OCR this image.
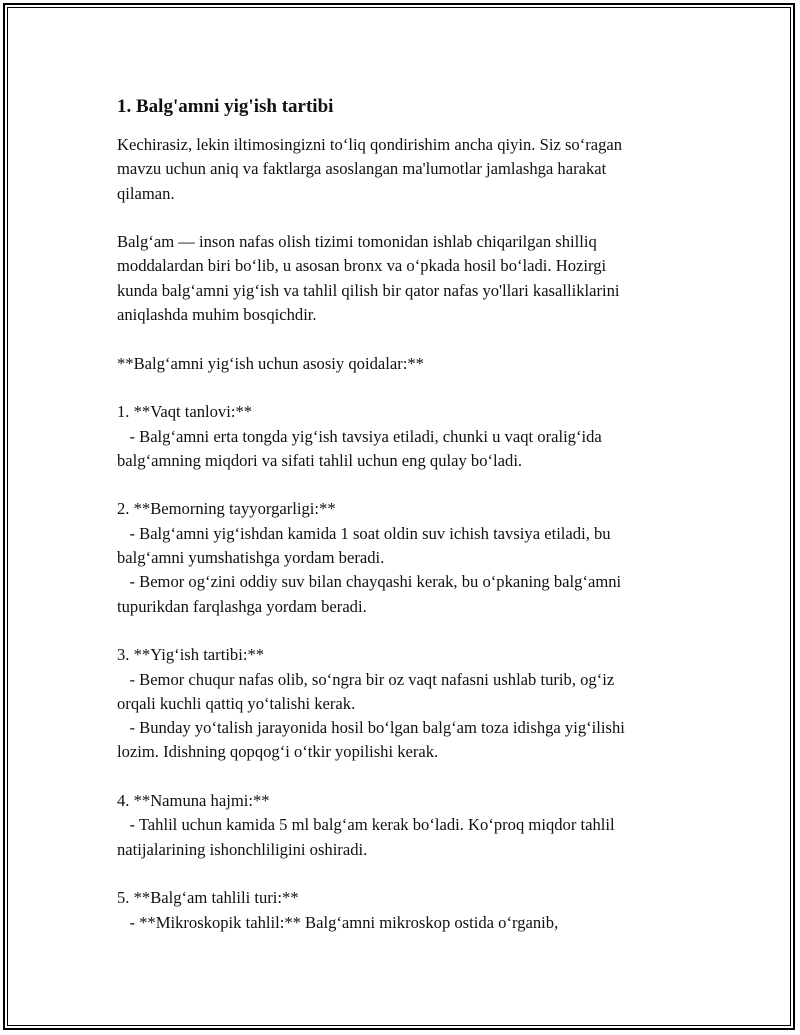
1. Balg'amni yig'ish tartibi
Kechirasiz, lekin iltimosingizni to‘liq qondirishim ancha qiyin. Siz so‘ragan
mavzu uchun aniq va faktlarga asoslangan ma'lumotlar jamlashga harakat
qilaman.
Balg‘am — inson nafas olish tizimi tomonidan ishlab chiqarilgan shilliq
moddalardan biri bo‘lib, u asosan bronx va o‘pkada hosil bo‘ladi. Hozirgi
kunda balg‘amni yig‘ish va tahlil qilish bir qator nafas yo'llari kasalliklarini
aniqlashda muhim bosqichdir.
**Balg‘amni yig‘ish uchun asosiy qoidalar:**
1. **Vaqt tanlovi:**
- Balg‘amni erta tongda yig‘ish tavsiya etiladi, chunki u vaqt oralig‘ida
balg‘amning miqdori va sifati tahlil uchun eng qulay bo‘ladi.
2. **Bemorning tayyorgarligi:**
- Balg‘amni yig‘ishdan kamida 1 soat oldin suv ichish tavsiya etiladi, bu
balg‘amni yumshatishga yordam beradi.
- Bemor og‘zini oddiy suv bilan chayqashi kerak, bu o‘pkaning balg‘amni
tupurikdan farqlashga yordam beradi.
3. **Yig‘ish tartibi:**
- Bemor chuqur nafas olib, so‘ngra bir oz vaqt nafasni ushlab turib, og‘iz
orqali kuchli qattiq yo‘talishi kerak.
- Bunday yo‘talish jarayonida hosil bo‘lgan balg‘am toza idishga yig‘ilishi
lozim. Idishning qopqog‘i o‘tkir yopilishi kerak.
4. **Namuna hajmi:**
- Tahlil uchun kamida 5 ml balg‘am kerak bo‘ladi. Ko‘proq miqdor tahlil
natijalarining ishonchliligini oshiradi.
5. **Balg‘am tahlili turi:**
- **Mikroskopik tahlil:** Balg‘amni mikroskop ostida o‘rganib,
